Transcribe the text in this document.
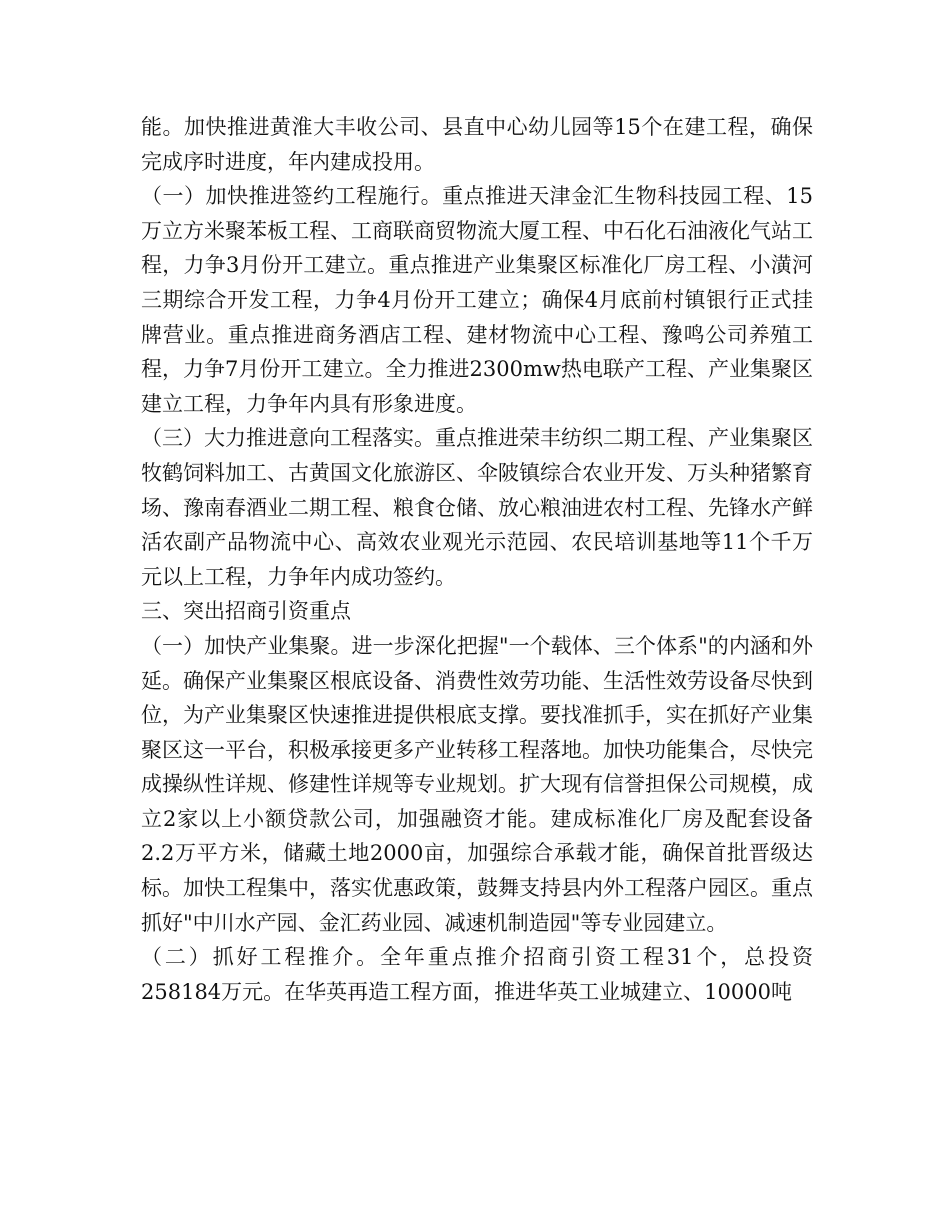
能。加快推进黄淮大丰收公司、县直中心幼儿园等15个在建工程，确保完成序时进度，年内建成投用。

（一）加快推进签约工程施行。重点推进天津金汇生物科技园工程、15万立方米聚苯板工程、工商联商贸物流大厦工程、中石化石油液化气站工程，力争3月份开工建立。重点推进产业集聚区标准化厂房工程、小潢河三期综合开发工程，力争4月份开工建立；确保4月底前村镇银行正式挂牌营业。重点推进商务酒店工程、建材物流中心工程、豫鸣公司养殖工程，力争7月份开工建立。全力推进2300mw热电联产工程、产业集聚区建立工程，力争年内具有形象进度。

（三）大力推进意向工程落实。重点推进荣丰纺织二期工程、产业集聚区牧鹤饲料加工、古黄国文化旅游区、伞陂镇综合农业开发、万头种猪繁育场、豫南春酒业二期工程、粮食仓储、放心粮油进农村工程、先锋水产鲜活农副产品物流中心、高效农业观光示范园、农民培训基地等11个千万元以上工程，力争年内成功签约。

三、突出招商引资重点

（一）加快产业集聚。进一步深化把握"一个载体、三个体系"的内涵和外延。确保产业集聚区根底设备、消费性效劳功能、生活性效劳设备尽快到位，为产业集聚区快速推进提供根底支撑。要找准抓手，实在抓好产业集聚区这一平台，积极承接更多产业转移工程落地。加快功能集合，尽快完成操纵性详规、修建性详规等专业规划。扩大现有信誉担保公司规模，成立2家以上小额贷款公司，加强融资才能。建成标准化厂房及配套设备2.2万平方米，储藏土地2000亩，加强综合承载才能，确保首批晋级达标。加快工程集中，落实优惠政策，鼓舞支持县内外工程落户园区。重点抓好"中川水产园、金汇药业园、减速机制造园"等专业园建立。

（二）抓好工程推介。全年重点推介招商引资工程31个，总投资258184万元。在华英再造工程方面，推进华英工业城建立、10000吨
